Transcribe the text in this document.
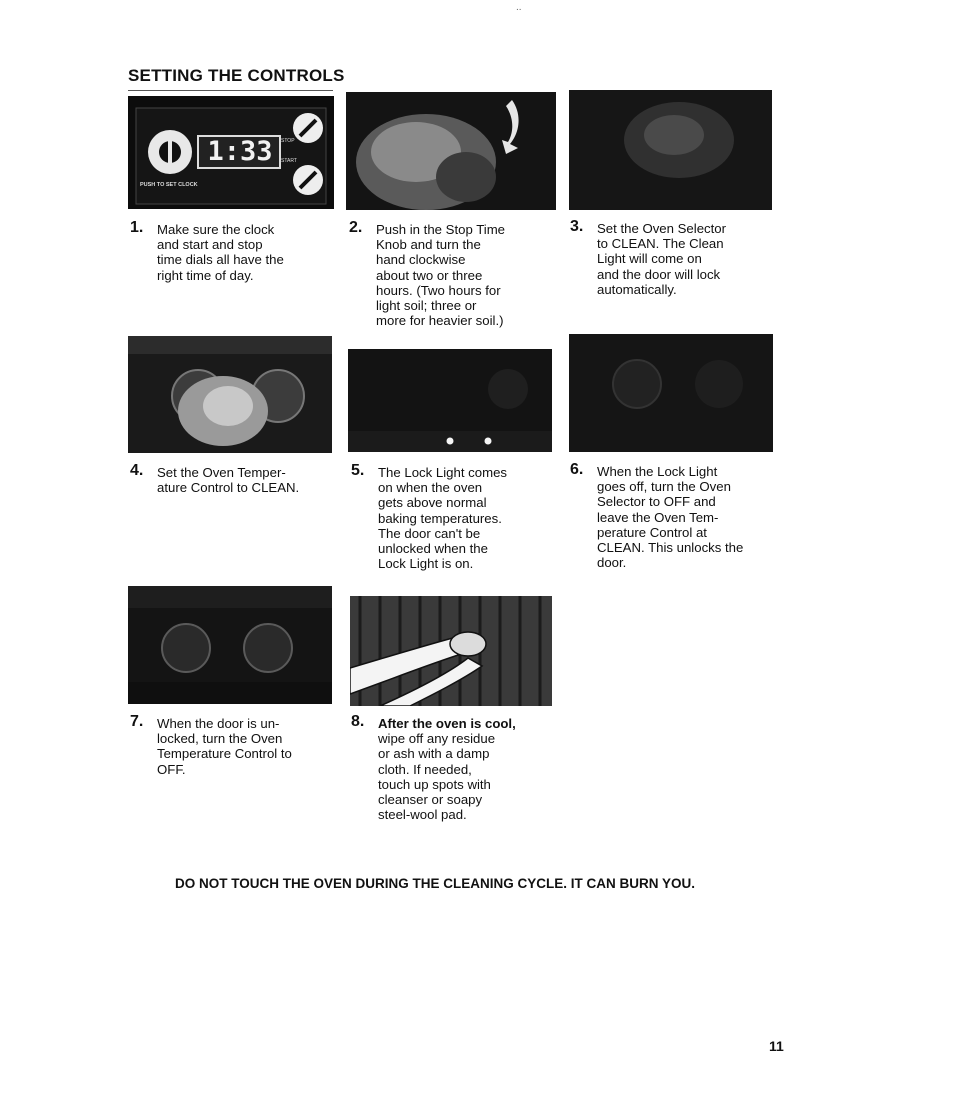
..
SETTING THE CONTROLS
1:33	STOP
START
PUSH TO SET CLOCK
1. Make sure the clock
and start and stop
time dials all have the
right time of day.
2. Push in the Stop Time
Knob and turn the
hand clockwise
about two or three
hours. (Two hours for
light soil; three or
more for heavier soil.)
3. Set the Oven Selector
to CLEAN. The Clean
Light will come on
and the door will lock
automatically.
4. Set the Oven Temper-
ature Control to CLEAN.
5. The Lock Light comes
on when the oven
gets above normal
baking temperatures.
The door can't be
unlocked when the
Lock Light is on.
6. When the Lock Light
goes off, turn the Oven
Selector to OFF and
leave the Oven Tem-
perature Control at
CLEAN. This unlocks the
door.
7. When the door is un-
locked, turn the Oven
Temperature Control to
OFF.
8. After the oven is cool,
wipe off any residue
or ash with a damp
cloth. If needed,
touch up spots with
cleanser or soapy
steel-wool pad.
DO NOT TOUCH THE OVEN DURING THE CLEANING CYCLE. IT CAN BURN YOU.
11
